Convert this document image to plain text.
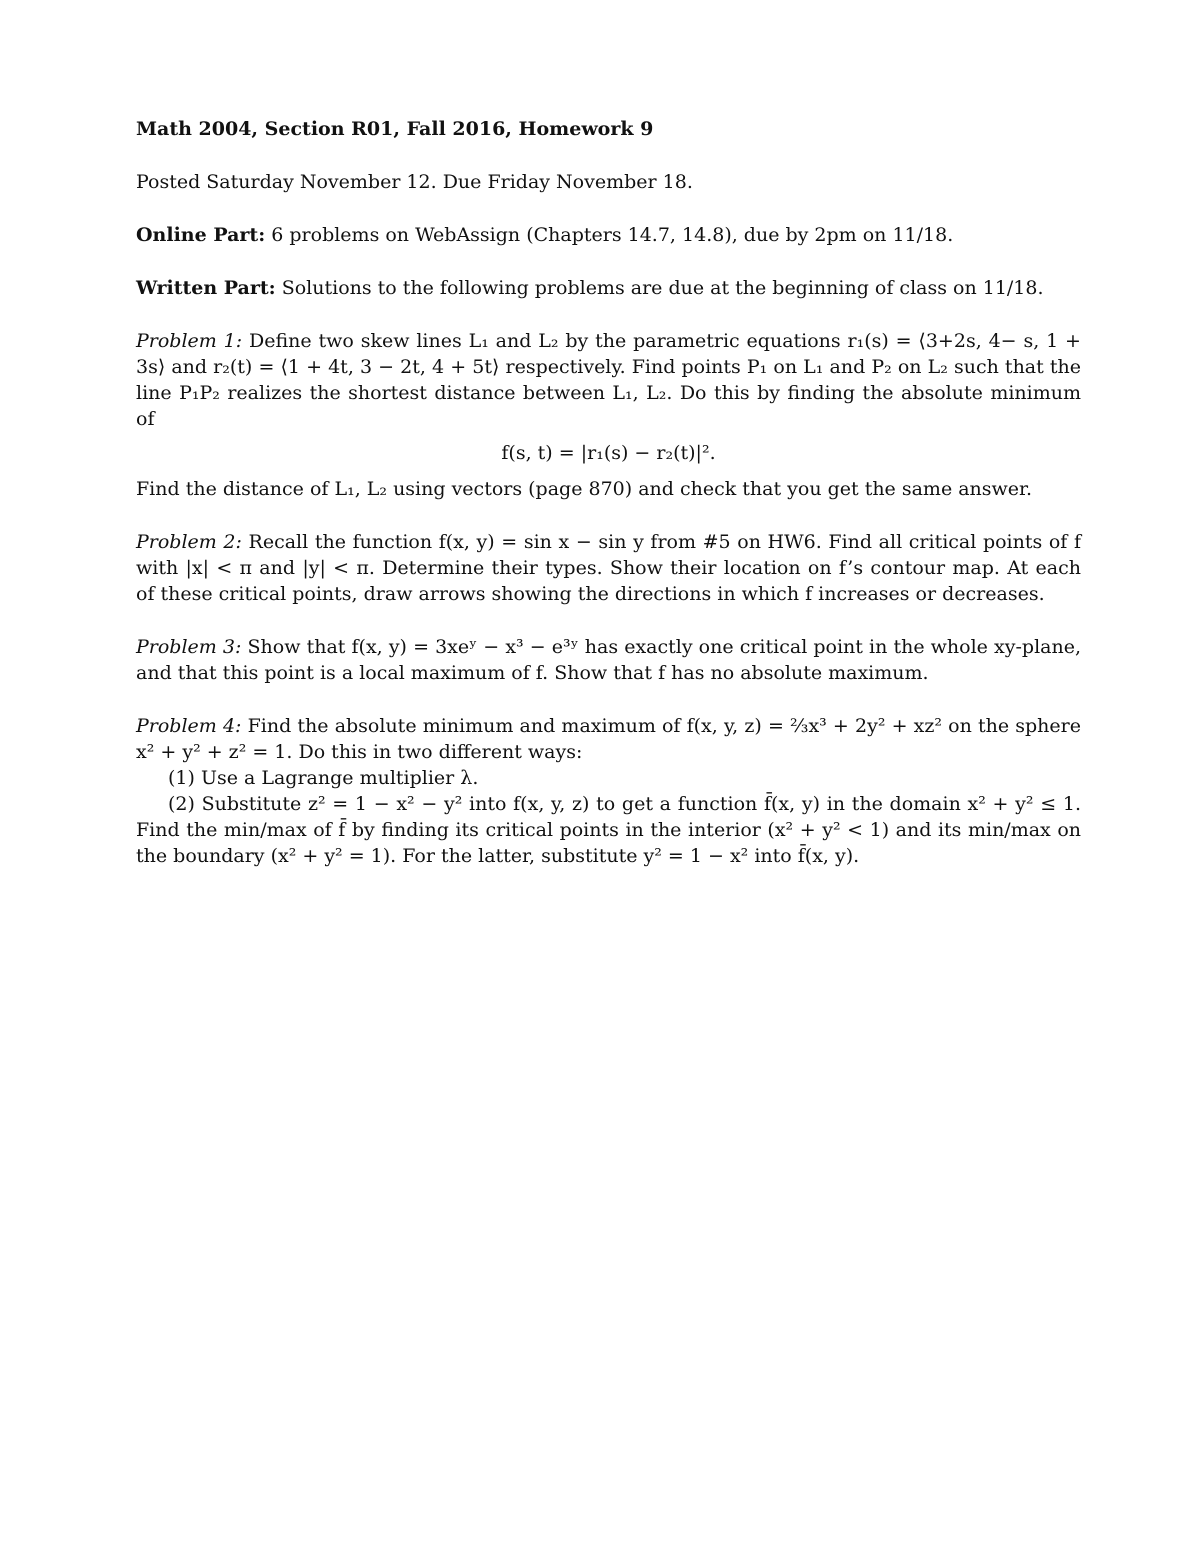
Math 2004, Section R01, Fall 2016, Homework 9

Posted Saturday November 12. Due Friday November 18.

Online Part: 6 problems on WebAssign (Chapters 14.7, 14.8), due by 2pm on 11/18.

Written Part: Solutions to the following problems are due at the beginning of class on 11/18.

Problem 1: Define two skew lines L₁ and L₂ by the parametric equations r₁(s) = ⟨3+2s, 4− s, 1 + 3s⟩ and r₂(t) = ⟨1 + 4t, 3 − 2t, 4 + 5t⟩ respectively. Find points P₁ on L₁ and P₂ on L₂ such that the line P₁P₂ realizes the shortest distance between L₁, L₂. Do this by finding the absolute minimum of
f(s, t) = |r₁(s) − r₂(t)|².
Find the distance of L₁, L₂ using vectors (page 870) and check that you get the same answer.

Problem 2: Recall the function f(x, y) = sin x − sin y from #5 on HW6. Find all critical points of f with |x| < π and |y| < π. Determine their types. Show their location on f’s contour map. At each of these critical points, draw arrows showing the directions in which f increases or decreases.

Problem 3: Show that f(x, y) = 3xeʸ − x³ − e³ʸ has exactly one critical point in the whole xy-plane, and that this point is a local maximum of f. Show that f has no absolute maximum.

Problem 4: Find the absolute minimum and maximum of f(x, y, z) = ⅔x³ + 2y² + xz² on the sphere x² + y² + z² = 1. Do this in two different ways:
(1) Use a Lagrange multiplier λ.
(2) Substitute z² = 1 − x² − y² into f(x, y, z) to get a function f̄(x, y) in the domain x² + y² ≤ 1. Find the min/max of f̄ by finding its critical points in the interior (x² + y² < 1) and its min/max on the boundary (x² + y² = 1). For the latter, substitute y² = 1 − x² into f̄(x, y).
